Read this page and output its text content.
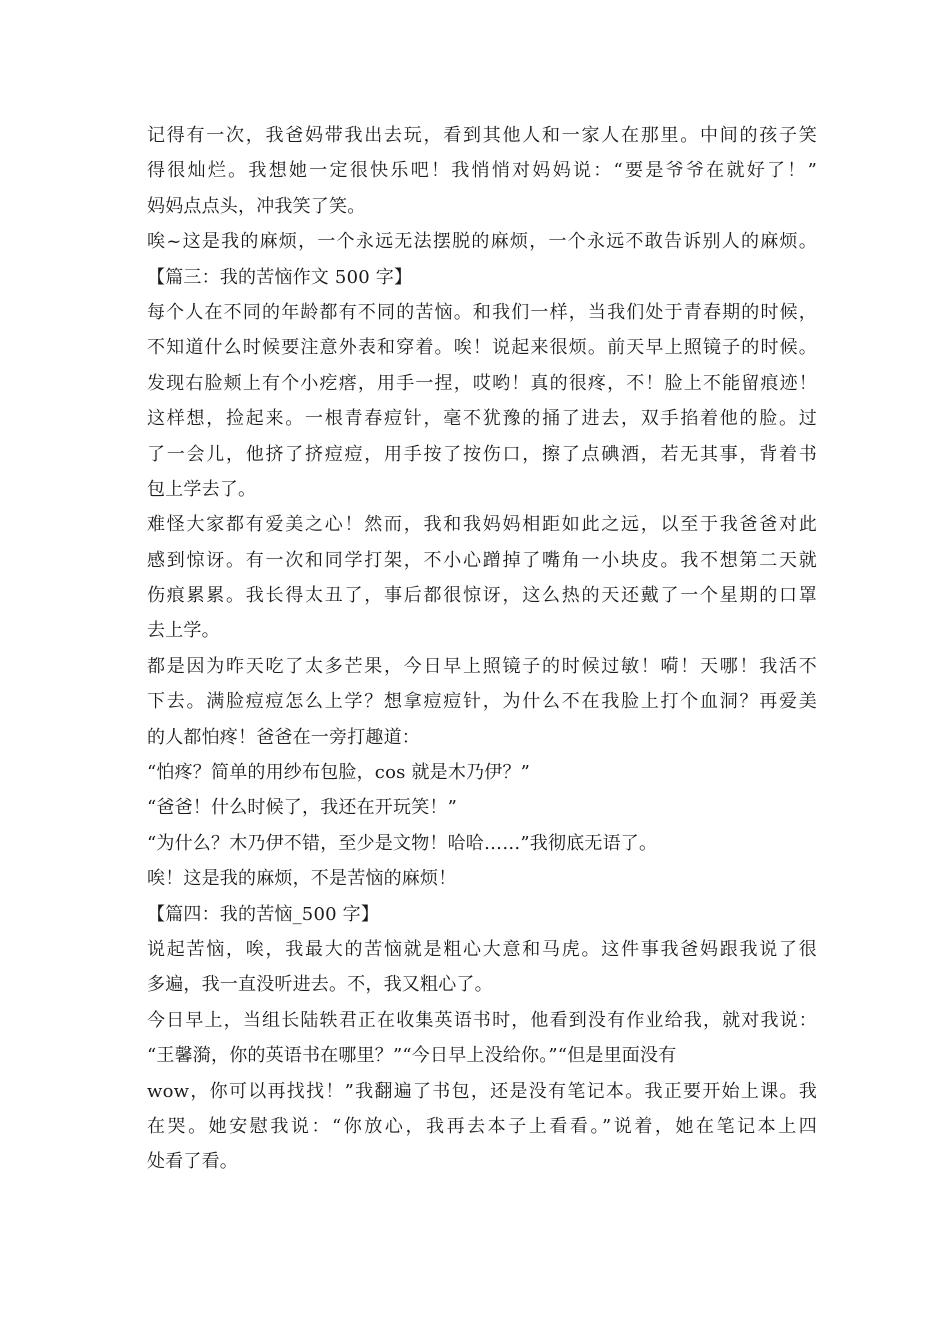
记得有一次，我爸妈带我出去玩，看到其他人和一家人在那里。中间的孩子笑
得很灿烂。我想她一定很快乐吧！我悄悄对妈妈说：“要是爷爷在就好了！”
妈妈点点头，冲我笑了笑。
唉~这是我的麻烦，一个永远无法摆脱的麻烦，一个永远不敢告诉别人的麻烦。
【篇三：我的苦恼作文 500 字】
每个人在不同的年龄都有不同的苦恼。和我们一样，当我们处于青春期的时候，
不知道什么时候要注意外表和穿着。唉！说起来很烦。前天早上照镜子的时候。
发现右脸颊上有个小疙瘩，用手一捏，哎哟！真的很疼，不！脸上不能留痕迹！
这样想，捡起来。一根青春痘针，毫不犹豫的捅了进去，双手掐着他的脸。过
了一会儿，他挤了挤痘痘，用手按了按伤口，擦了点碘酒，若无其事，背着书
包上学去了。
难怪大家都有爱美之心！然而，我和我妈妈相距如此之远，以至于我爸爸对此
感到惊讶。有一次和同学打架，不小心蹭掉了嘴角一小块皮。我不想第二天就
伤痕累累。我长得太丑了，事后都很惊讶，这么热的天还戴了一个星期的口罩
去上学。
都是因为昨天吃了太多芒果，今日早上照镜子的时候过敏！嗬！天哪！我活不
下去。满脸痘痘怎么上学？想拿痘痘针，为什么不在我脸上打个血洞？再爱美
的人都怕疼！爸爸在一旁打趣道：
“怕疼？简单的用纱布包脸，cos 就是木乃伊？”
“爸爸！什么时候了，我还在开玩笑！”
“为什么？木乃伊不错，至少是文物！哈哈……”我彻底无语了。
唉！这是我的麻烦，不是苦恼的麻烦！
【篇四：我的苦恼_500 字】
说起苦恼，唉，我最大的苦恼就是粗心大意和马虎。这件事我爸妈跟我说了很
多遍，我一直没听进去。不，我又粗心了。
今日早上，当组长陆轶君正在收集英语书时，他看到没有作业给我，就对我说：
“王馨漪，你的英语书在哪里？”“今日早上没给你。”“但是里面没有
wow，你可以再找找！”我翻遍了书包，还是没有笔记本。我正要开始上课。我
在哭。她安慰我说：“你放心，我再去本子上看看。”说着，她在笔记本上四
处看了看。
